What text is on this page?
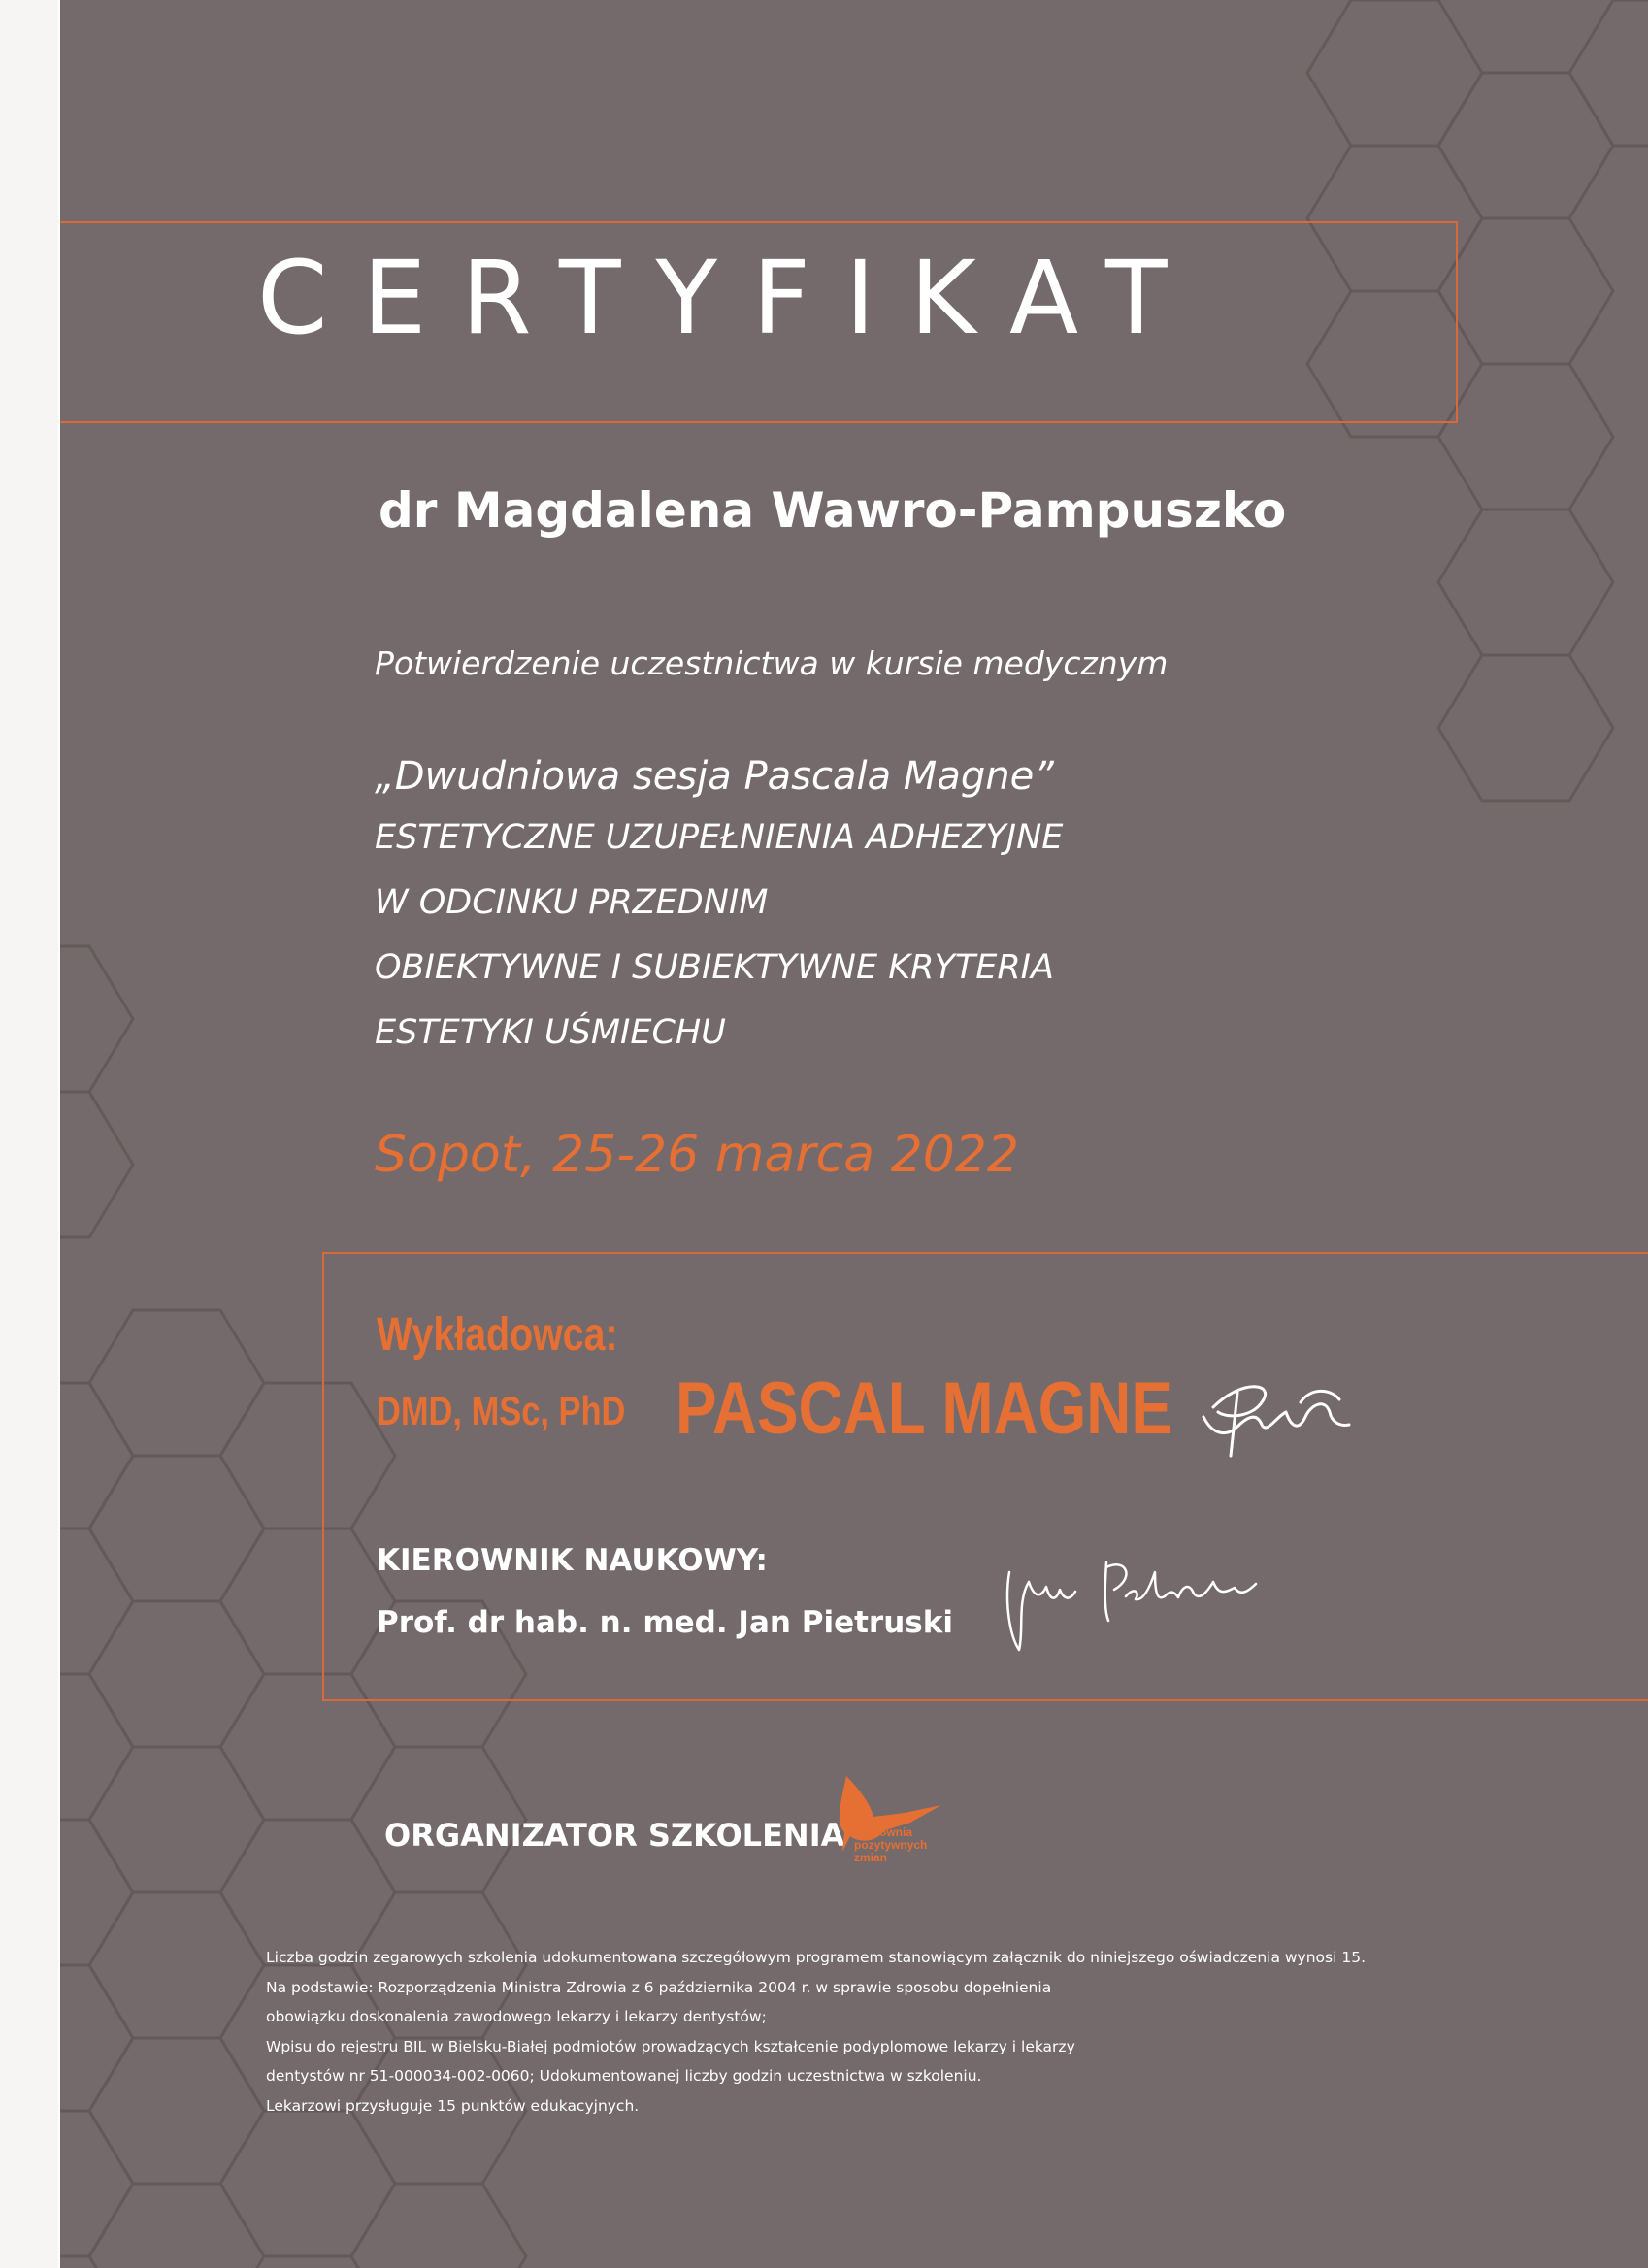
CERTYFIKAT
dr Magdalena Wawro-Pampuszko
Potwierdzenie uczestnictwa w kursie medycznym
„Dwudniowa sesja Pascala Magne”
ESTETYCZNE UZUPEŁNIENIA ADHEZYJNE
W ODCINKU PRZEDNIM
OBIEKTYWNE I SUBIEKTYWNE KRYTERIA
ESTETYKI UŚMIECHU
Sopot, 25-26 marca 2022
Wykładowca:
DMD, MSc, PhD PASCAL MAGNE
KIEROWNIK NAUKOWY:
Prof. dr hab. n. med. Jan Pietruski
ORGANIZATOR SZKOLENIA Pracownia
pozytywnych
zmian

Liczba godzin zegarowych szkolenia udokumentowana szczegółowym programem stanowiącym załącznik do niniejszego oświadczenia wynosi 15.

Na podstawie: Rozporządzenia Ministra Zdrowia z 6 października 2004 r. w sprawie sposobu dopełnienia

obowiązku doskonalenia zawodowego lekarzy i lekarzy dentystów;

Wpisu do rejestru BIL w Bielsku-Białej podmiotów prowadzących kształcenie podyplomowe lekarzy i lekarzy

dentystów nr 51-000034-002-0060; Udokumentowanej liczby godzin uczestnictwa w szkoleniu.

Lekarzowi przysługuje 15 punktów edukacyjnych.
